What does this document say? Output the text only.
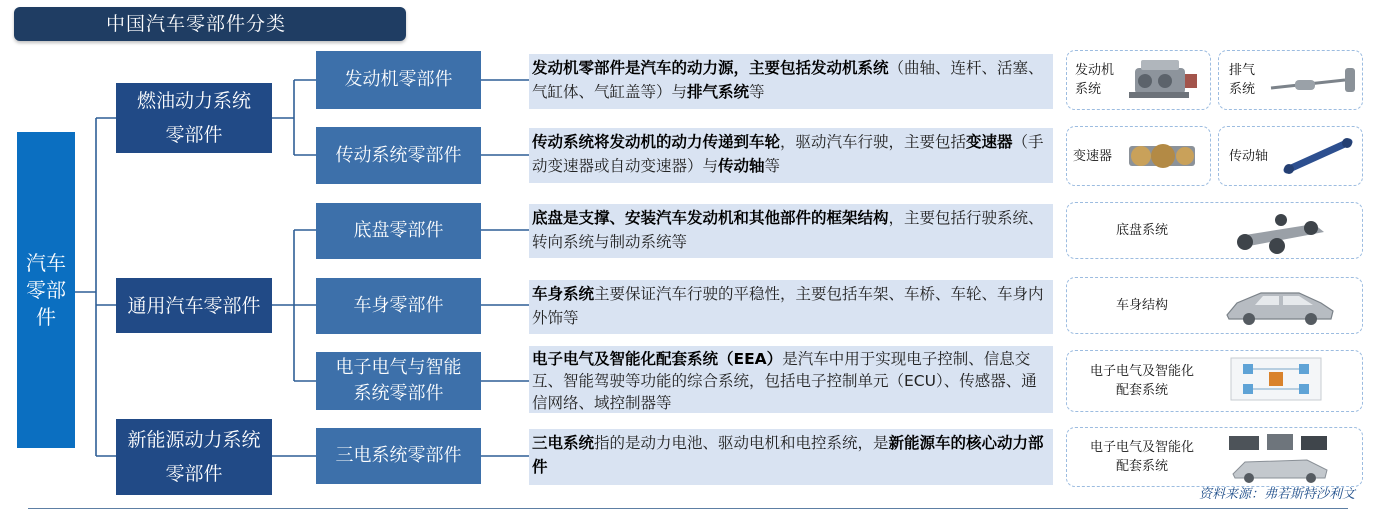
中国汽车零部件分类
汽车零部件
燃油动力系统
零部件
通用汽车零部件
新能源动力系统
零部件
发动机零部件
传动系统零部件
底盘零部件
车身零部件
电子电气与智能
系统零部件
三电系统零部件
发动机零部件是汽车的动力源，主要包括发动机系统（曲轴、连杆、活塞、气缸体、气缸盖等）与排气系统等
传动系统将发动机的动力传递到车轮，驱动汽车行驶，主要包括变速器（手动变速器或自动变速器）与传动轴等
底盘是支撑、安装汽车发动机和其他部件的框架结构，主要包括行驶系统、转向系统与制动系统等
车身系统主要保证汽车行驶的平稳性，主要包括车架、车桥、车轮、车身内外饰等
电子电气及智能化配套系统（EEA）是汽车中用于实现电子控制、信息交互、智能驾驶等功能的综合系统，包括电子控制单元（ECU）、传感器、通信网络、域控制器等
三电系统指的是动力电池、驱动电机和电控系统，是新能源车的核心动力部件
发动机系统
排气系统
变速器	传动轴
底盘系统
车身结构
电子电气及智能化配套系统
电子电气及智能化配套系统
资料来源：弗若斯特沙利文
